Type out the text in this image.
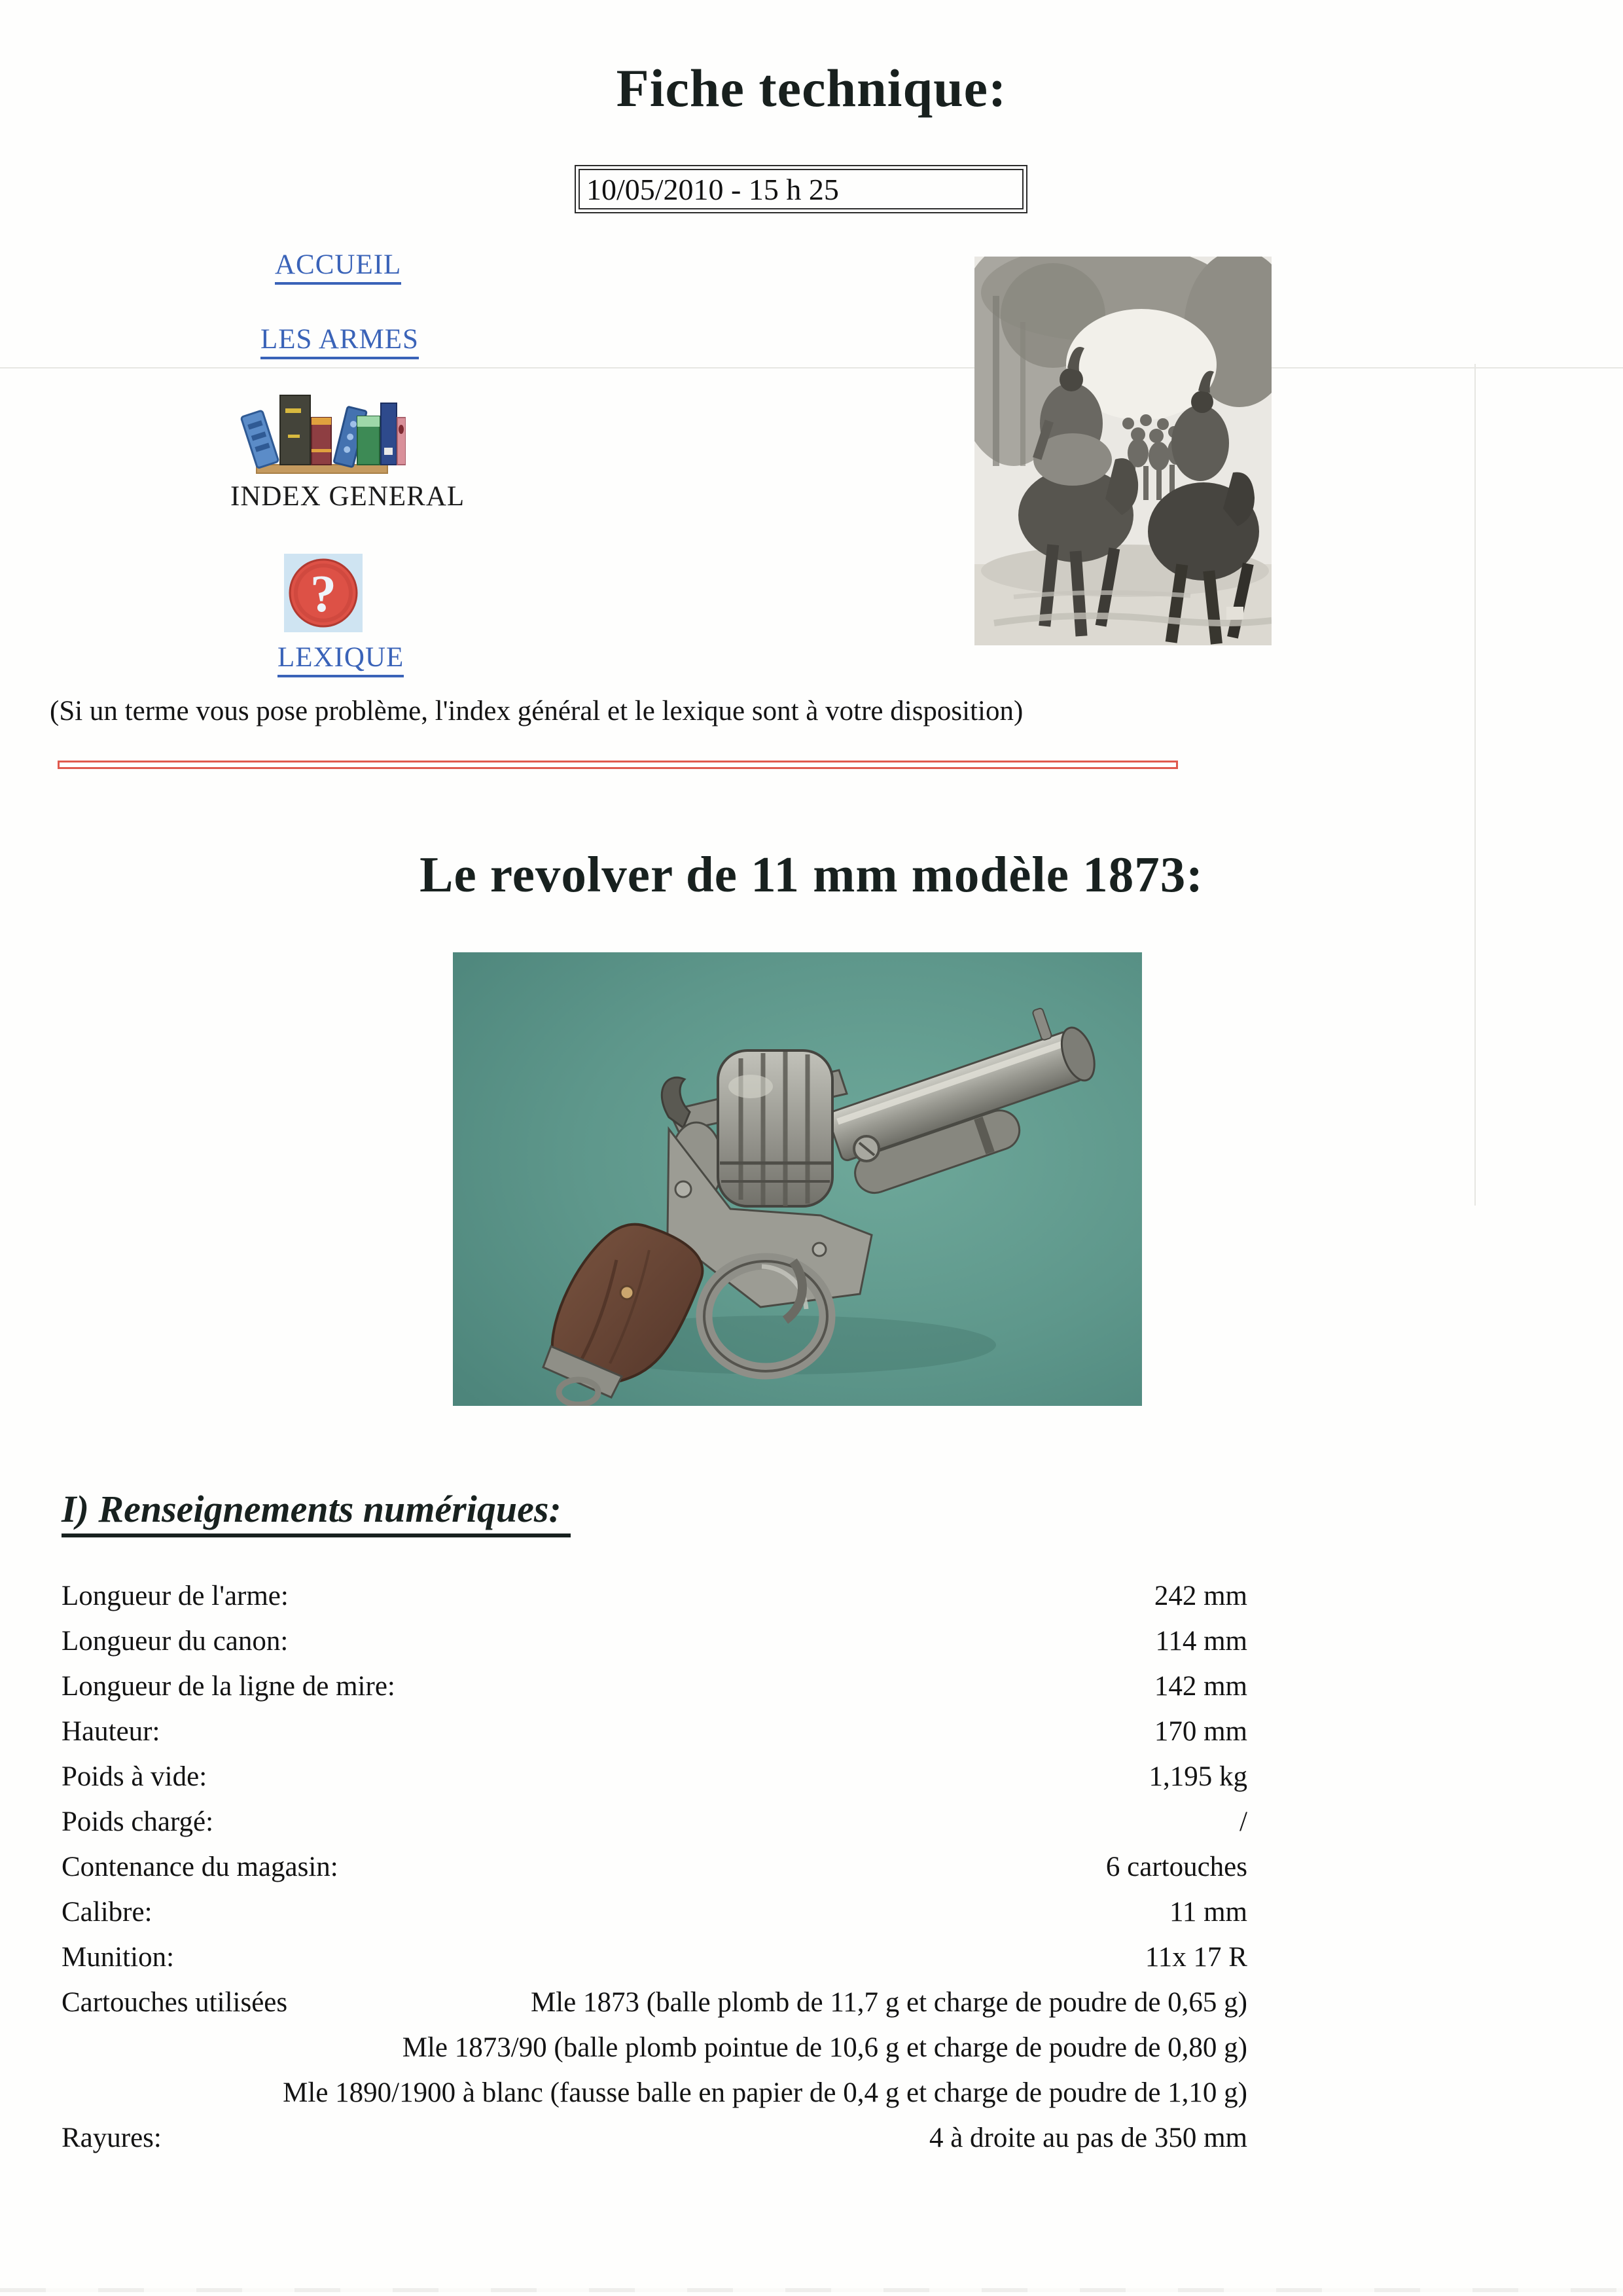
Fiche technique:
10/05/2010 - 15 h 25
ACCUEIL
LES ARMES
INDEX GENERAL
?
LEXIQUE

(Si un terme vous pose problème, l'index général et le lexique sont à votre disposition)

Le revolver de 11 mm modèle 1873:
I) Renseignements numériques:
Longueur de l'arme:	242 mm
Longueur du canon:	114 mm
Longueur de la ligne de mire:	142 mm
Hauteur:	170 mm
Poids à vide:	1,195 kg
Poids chargé:	/
Contenance du magasin:	6 cartouches
Calibre:	11 mm
Munition:	11x 17 R
Cartouches utilisées	Mle 1873 (balle plomb de 11,7 g et charge de poudre de 0,65 g)
Mle 1873/90 (balle plomb pointue de 10,6 g et charge de poudre de 0,80 g)
Mle 1890/1900 à blanc (fausse balle en papier de 0,4 g et charge de poudre de 1,10 g)
Rayures:	4 à droite au pas de 350 mm
